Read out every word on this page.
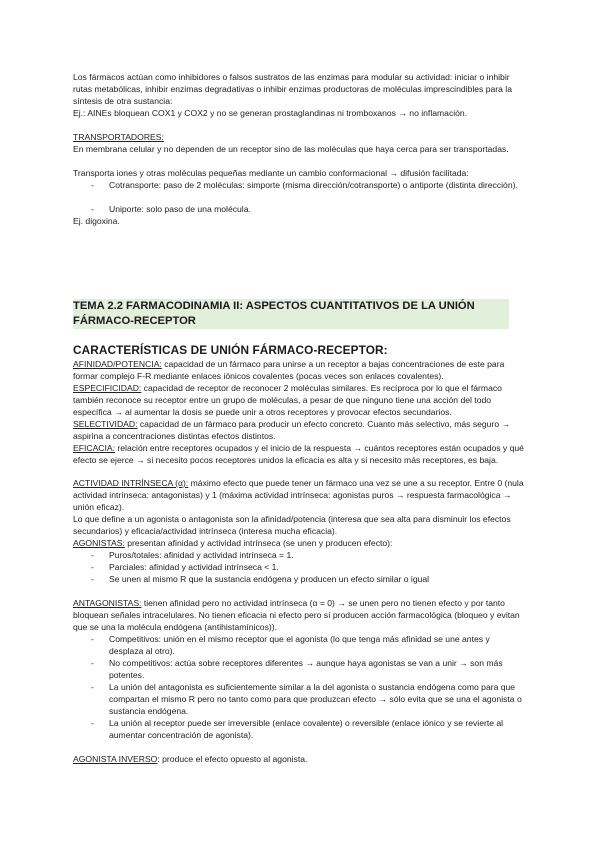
Los fármacos actúan como inhibidores o falsos sustratos de las enzimas para modular su actividad: iniciar o inhibir rutas metabólicas, inhibir enzimas degradativas o inhibir enzimas productoras de moléculas imprescindibles para la síntesis de otra sustancia:

Ej.: AINEs bloquean COX1 y COX2 y no se generan prostaglandinas ni tromboxanos → no inflamación.

TRANSPORTADORES:

En membrana celular y no dependen de un receptor sino de las moléculas que haya cerca para ser transportadas.

Transporta iones y otras moléculas pequeñas mediante un cambio conformacional → difusión facilitada:

- Cotransporte: paso de 2 moléculas: simporte (misma dirección/cotransporte) o antiporte (distinta dirección).
- Uniporte: solo paso de una molécula.

Ej. digoxina.

TEMA 2.2 FARMACODINAMIA II: ASPECTOS CUANTITATIVOS DE LA UNIÓN FÁRMACO-RECEPTOR
CARACTERÍSTICAS DE UNIÓN FÁRMACO-RECEPTOR:

AFINIDAD/POTENCIA: capacidad de un fármaco para unirse a un receptor a bajas concentraciones de este para formar complejo F-R mediante enlaces iónicos covalentes (pocas veces son enlaces covalentes).

ESPECIFICIDAD: capacidad de receptor de reconocer 2 moléculas similares. Es recíproca por lo que el fármaco también reconoce su receptor entre un grupo de moléculas, a pesar de que ninguno tiene una acción del todo específica → al aumentar la dosis se puede unir a otros receptores y provocar efectos secundarios.

SELECTIVIDAD: capacidad de un fármaco para producir un efecto concreto. Cuanto más selectivo, más seguro → aspirina a concentraciones distintas efectos distintos.

EFICACIA: relación entre receptores ocupados y el inicio de la respuesta → cuántos receptores están ocupados y qué efecto se ejerce → si necesito pocos receptores unidos la eficacia es alta y si necesito más receptores, es baja.

ACTIVIDAD INTRÍNSECA (α): máximo efecto que puede tener un fármaco una vez se une a su receptor. Entre 0 (nula actividad intrínseca: antagonistas) y 1 (máxima actividad intrínseca: agonistas puros → respuesta farmacológica → unión eficaz).

Lo que define a un agonista o antagonista son la afinidad/potencia (interesa que sea alta para disminuir los efectos secundarios) y eficacia/actividad intrínseca (interesa mucha eficacia).

AGONISTAS: presentan afinidad y actividad intrínseca (se unen y producen efecto):

- Puros/totales: afinidad y actividad intrínseca = 1.
- Parciales: afinidad y actividad intrínseca < 1.
- Se unen al mismo R que la sustancia endógena y producen un efecto similar o igual

ANTAGONISTAS: tienen afinidad pero no actividad intrínseca (α = 0) → se unen pero no tienen efecto y por tanto bloquean señales intracelulares. No tienen eficacia ni efecto pero sí producen acción farmacológica (bloqueo y evitan que se una la molécula endógena (antihistamínicos)).

- Competitivos: unión en el mismo receptor que el agonista (lo que tenga más afinidad se une antes y desplaza al otro).
- No competitivos: actúa sobre receptores diferentes → aunque haya agonistas se van a unir → son más potentes.
- La unión del antagonista es suficientemente similar a la del agonista o sustancia endógena como para que compartan el mismo R pero no tanto como para que produzcan efecto → sólo evita que se una el agonista o sustancia endógena.
- La unión al receptor puede ser irreversible (enlace covalente) o reversible (enlace iónico y se revierte al aumentar concentración de agonista).

AGONISTA INVERSO: produce el efecto opuesto al agonista.
